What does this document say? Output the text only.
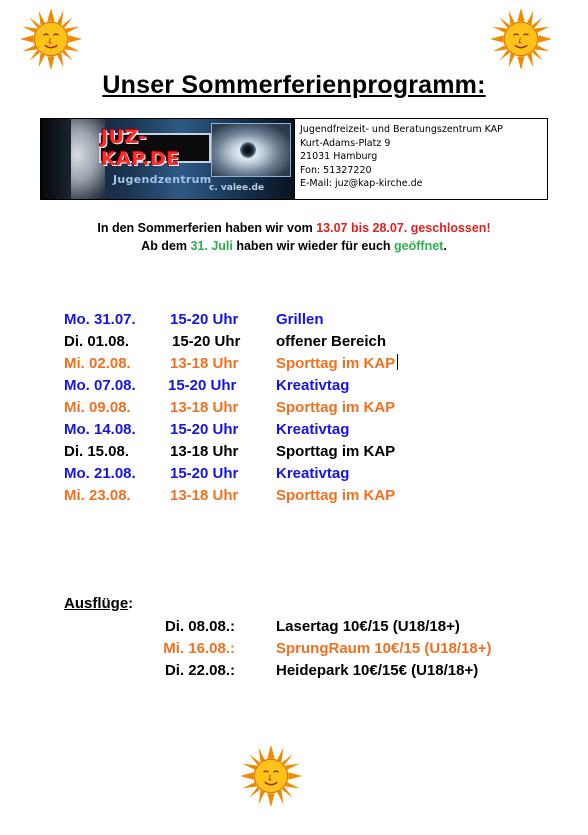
Unser Sommerferienprogramm:
JUZ-KAP.DE
Jugendzentrum
c. valee.de
Jugendfreizeit- und Beratungszentrum KAP
Kurt-Adams-Platz 9
21031 Hamburg
Fon: 51327220
E-Mail: juz@kap-kirche.de
In den Sommerferien haben wir vom 13.07 bis 28.07. geschlossen!
Ab dem 31. Juli haben wir wieder für euch geöffnet.
Mo. 31.07. 15-20 Uhr	Grillen
Di. 01.08.	15-20 Uhr offener Bereich
Mi. 02.08.	13-18 Uhr	Sporttag im KAP
Mo. 07.08. 15-20 Uhr	Kreativtag
Mi. 09.08.	13-18 Uhr	Sporttag im KAP
Mo. 14.08. 15-20 Uhr	Kreativtag
Di. 15.08.	13-18 Uhr	Sporttag im KAP
Mo. 21.08. 15-20 Uhr	Kreativtag
Mi. 23.08.	13-18 Uhr	Sporttag im KAP
Ausflüge:
Di. 08.08.:	Lasertag 10€/15 (U18/18+)
Mi. 16.08.:	SprungRaum 10€/15 (U18/18+)
Di. 22.08.:	Heidepark 10€/15€ (U18/18+)
